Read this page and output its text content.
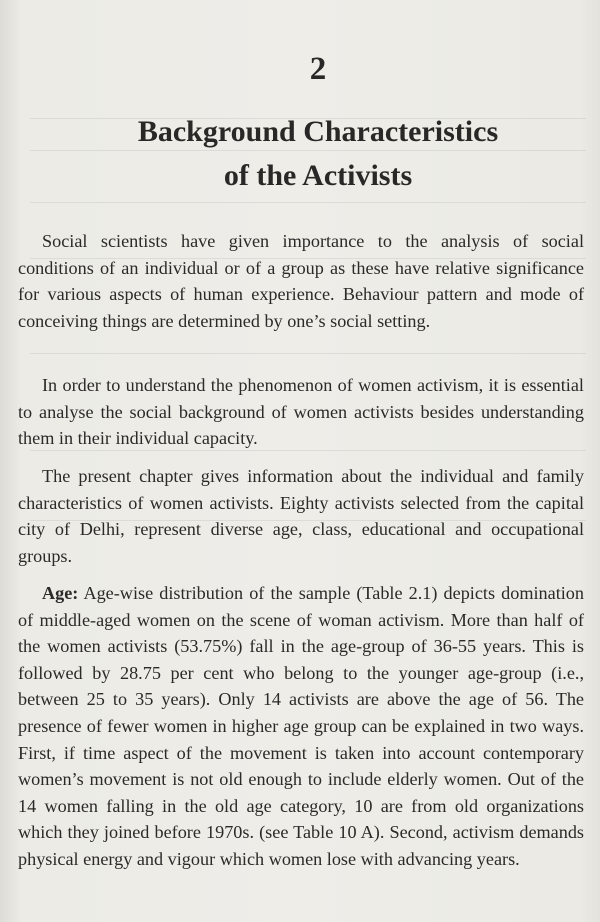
2
Background Characteristics
of the Activists

Social scientists have given importance to the analysis of social conditions of an individual or of a group as these have relative significance for various aspects of human experience. Behaviour pattern and mode of conceiving things are determined by one’s social setting.

In order to understand the phenomenon of women activism, it is essential to analyse the social background of women activists besides understanding them in their individual capacity.

The present chapter gives information about the individual and family characteristics of women activists. Eighty activists selected from the capital city of Delhi, represent diverse age, class, educational and occupational groups.

Age: Age-wise distribution of the sample (Table 2.1) depicts domination of middle-aged women on the scene of woman activism. More than half of the women activists (53.75%) fall in the age-group of 36-55 years. This is followed by 28.75 per cent who belong to the younger age-group (i.e., between 25 to 35 years). Only 14 activists are above the age of 56. The presence of fewer women in higher age group can be explained in two ways. First, if time aspect of the movement is taken into account contemporary women’s movement is not old enough to include elderly women. Out of the 14 women falling in the old age category, 10 are from old organizations which they joined before 1970s. (see Table 10 A). Second, activism demands physical energy and vigour which women lose with advancing years.
